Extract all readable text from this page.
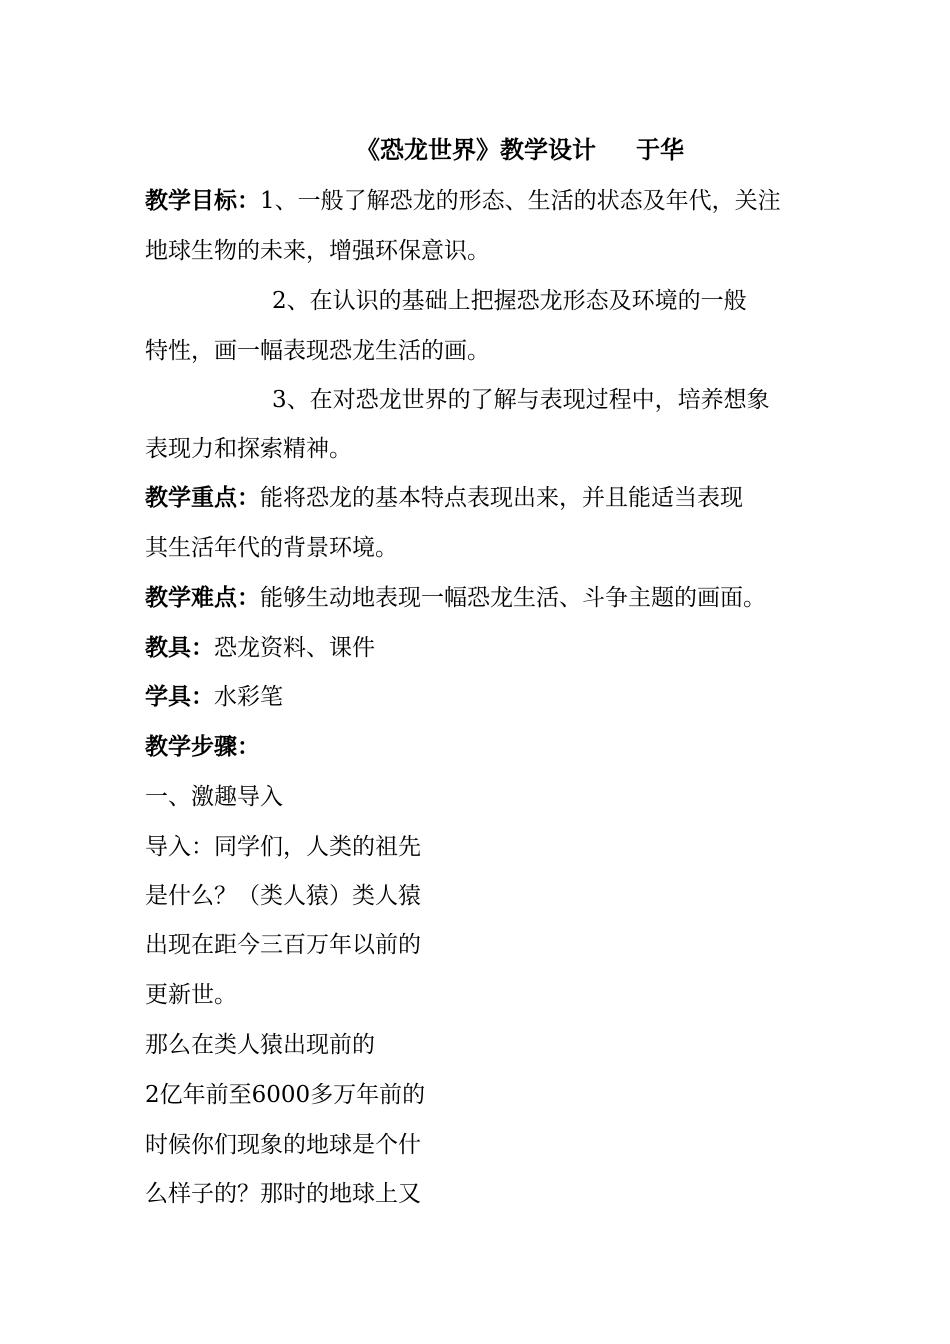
《恐龙世界》教学设计 于华
教学目标：1、一般了解恐龙的形态、生活的状态及年代，关注
地球生物的未来，增强环保意识。
2、在认识的基础上把握恐龙形态及环境的一般
特性，画一幅表现恐龙生活的画。
3、在对恐龙世界的了解与表现过程中，培养想象
表现力和探索精神。
教学重点：能将恐龙的基本特点表现出来，并且能适当表现
其生活年代的背景环境。
教学难点：能够生动地表现一幅恐龙生活、斗争主题的画面。
教具：恐龙资料、课件
学具：水彩笔
教学步骤：
一、激趣导入
导入：同学们，人类的祖先
是什么？（类人猿）类人猿
出现在距今三百万年以前的
更新世。
那么在类人猿出现前的
2亿年前至6000多万年前的
时候你们现象的地球是个什
么样子的？那时的地球上又
